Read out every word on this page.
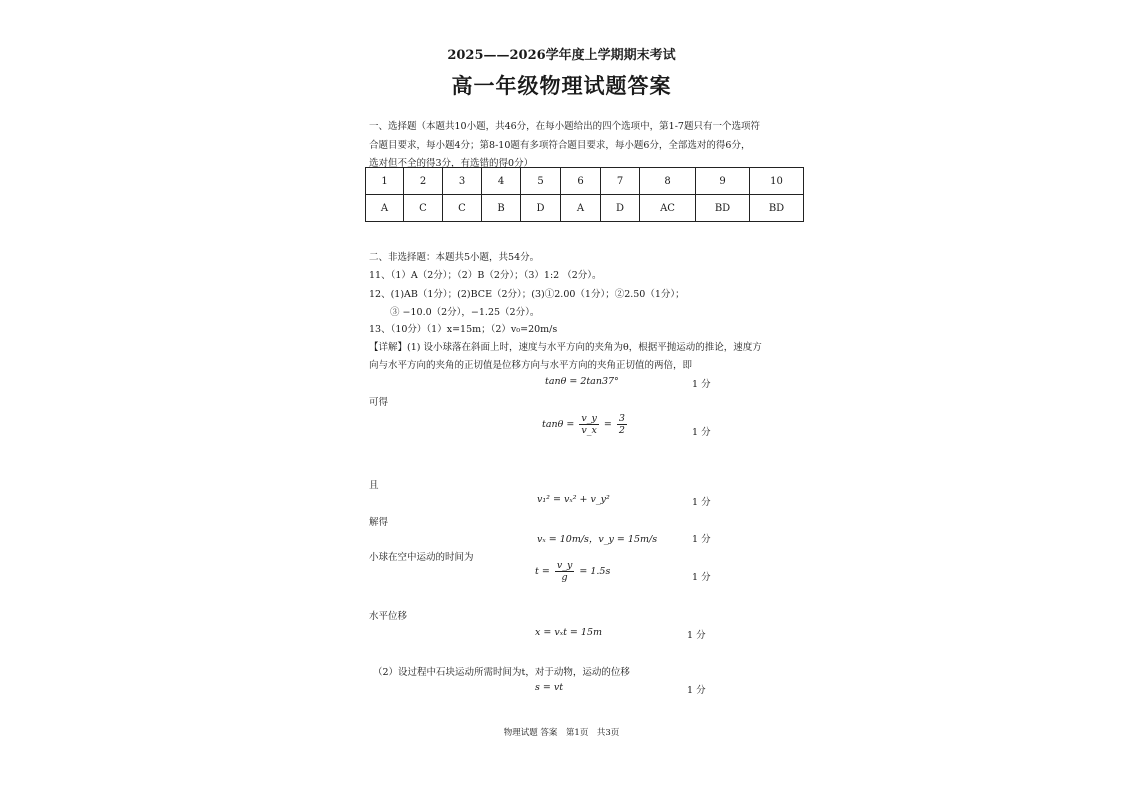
2025——2026学年度上学期期末考试
高一年级物理试题答案
一、选择题（本题共10小题，共46分，在每小题给出的四个选项中，第1-7题只有一个选项符
合题目要求，每小题4分；第8-10题有多项符合题目要求，每小题6分，全部选对的得6分，
选对但不全的得3分，有选错的得0分）
1	2	3	4	5	6	7	8	9	10
A	C	C	B	D	A	D	AC	BD	BD
二、非选择题：本题共5小题，共54分。
11、（1）A（2分）；（2）B（2分）；（3）1:2 （2分）。
12、(1)AB（1分）；(2)BCE（2分）；(3)①2.00（1分）；②2.50（1分）；
③ −10.0（2分），−1.25（2分）。
13、（10分）（1）x=15m；（2）v₀=20m/s
【详解】(1) 设小球落在斜面上时，速度与水平方向的夹角为θ，根据平抛运动的推论，速度方
向与水平方向的夹角的正切值是位移方向与水平方向的夹角正切值的两倍，即
tanθ = 2tan37°	1 分
可得
$\tan\theta = \frac{v\_y}{v\_x} = \frac{3}{2}$	1 分
且
v₁² = vₓ² + v_y²	1 分
解得
vₓ = 10m/s，v_y = 15m/s	1 分
小球在空中运动的时间为
$t = \frac{v\_y}{g} = 1.5s$
1 分
水平位移
x = vₓt = 15m	1 分
（2）设过程中石块运动所需时间为t，对于动物，运动的位移
s = vt	1 分
物理试题 答案　第1页　共3页
